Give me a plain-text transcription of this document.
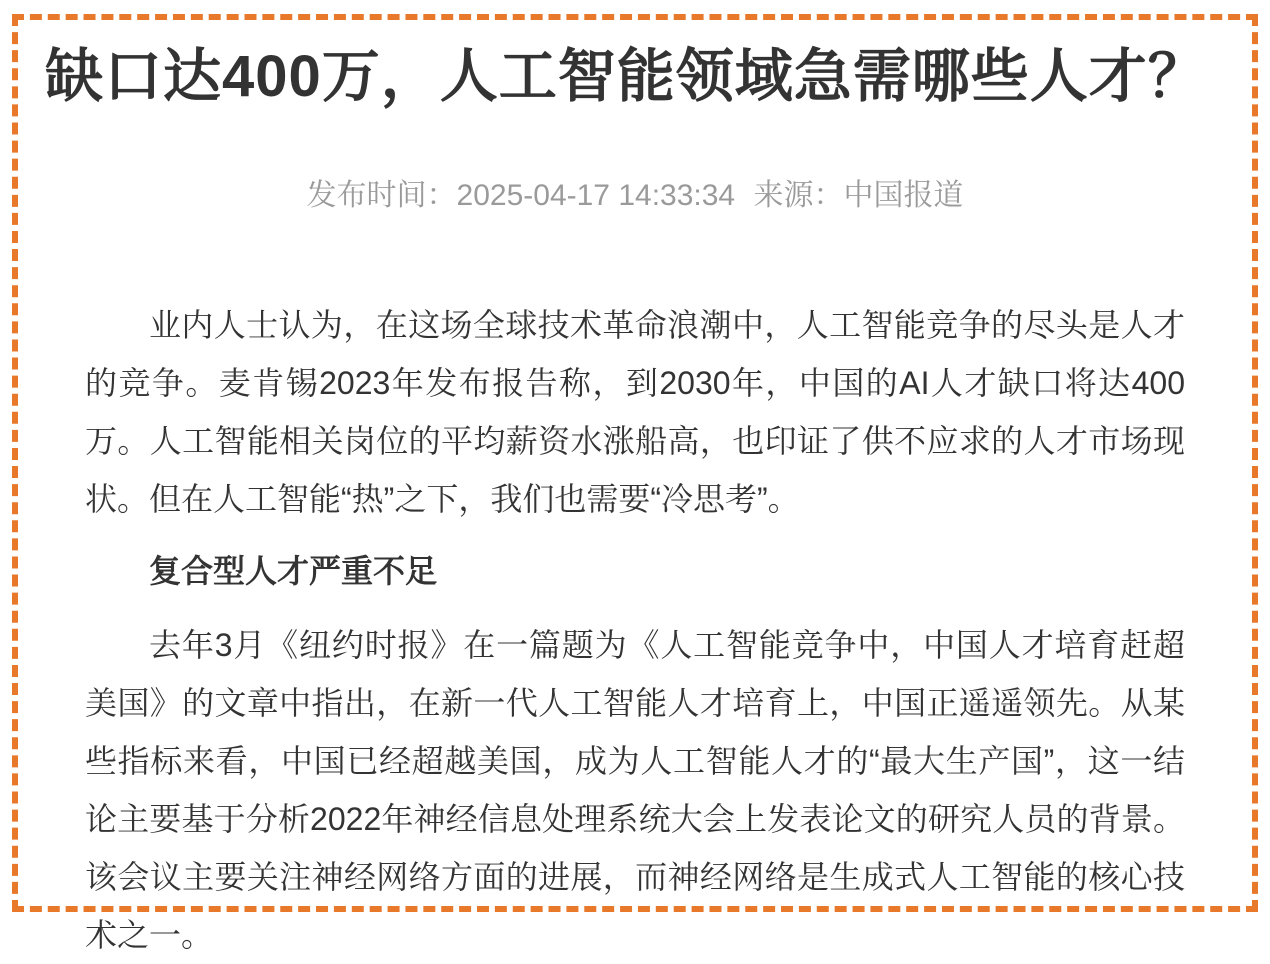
缺口达400万，人工智能领域急需哪些人才？
发布时间：2025-04-17 14:33:34 来源：中国报道

业内人士认为，在这场全球技术革命浪潮中，人工智能竞争的尽头是人才的竞争。麦肯锡2023年发布报告称，到2030年，中国的AI人才缺口将达400万。人工智能相关岗位的平均薪资水涨船高，也印证了供不应求的人才市场现状。但在人工智能“热”之下，我们也需要“冷思考”。

复合型人才严重不足

去年3月《纽约时报》在一篇题为《人工智能竞争中，中国人才培育赶超美国》的文章中指出，在新一代人工智能人才培育上，中国正遥遥领先。从某些指标来看，中国已经超越美国，成为人工智能人才的“最大生产国”，这一结论主要基于分析2022年神经信息处理系统大会上发表论文的研究人员的背景。该会议主要关注神经网络方面的进展，而神经网络是生成式人工智能的核心技术之一。
